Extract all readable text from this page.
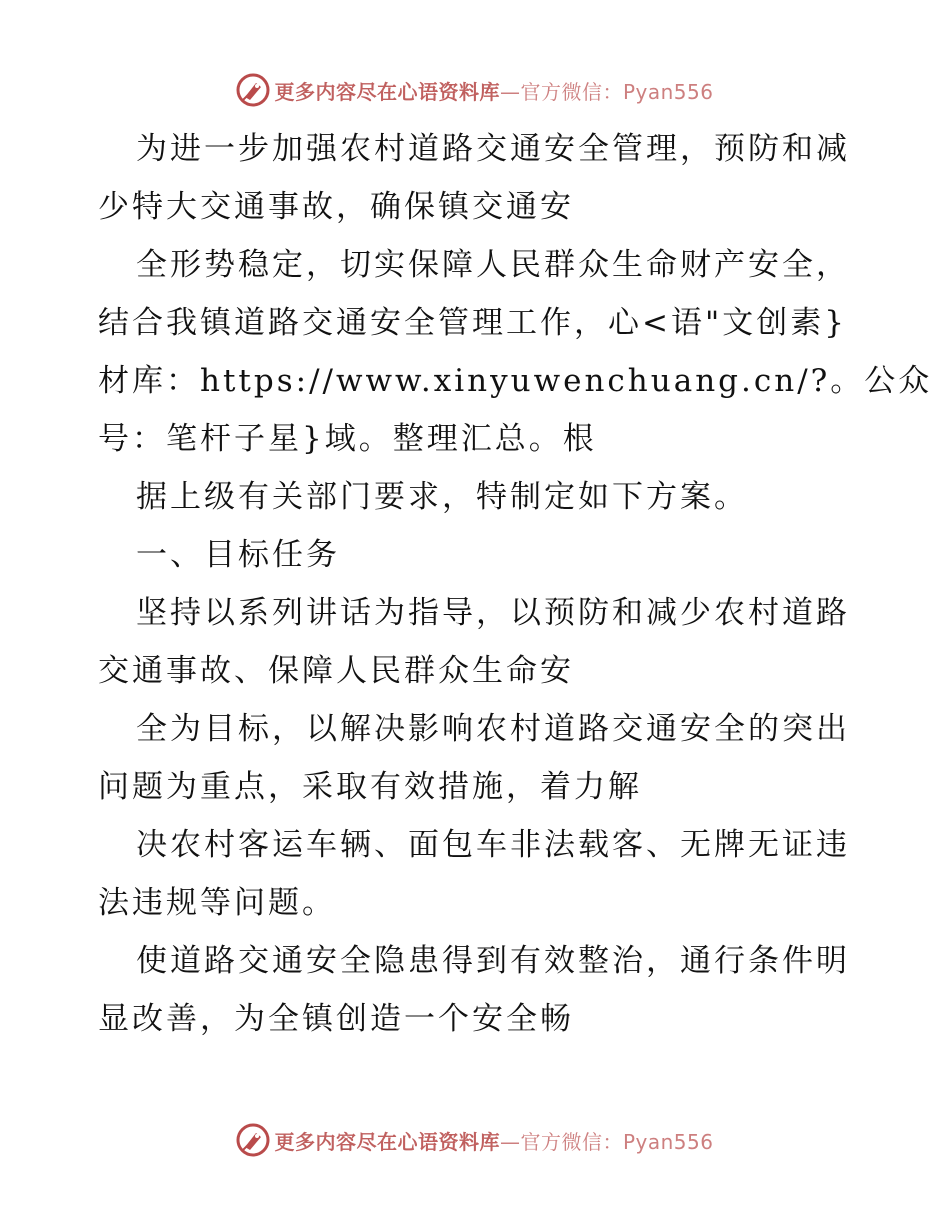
更多内容尽在心语资料库—官方微信：Pyan556
为进一步加强农村道路交通安全管理，预防和减
少特大交通事故，确保镇交通安
全形势稳定，切实保障人民群众生命财产安全，
结合我镇道路交通安全管理工作，心<语"文创素}
材库：https://www.xinyuwenchuang.cn/?。公众
号：笔杆子星}域。整理汇总。根
据上级有关部门要求，特制定如下方案。
一、目标任务
坚持以系列讲话为指导，以预防和减少农村道路
交通事故、保障人民群众生命安
全为目标，以解决影响农村道路交通安全的突出
问题为重点，采取有效措施，着力解
决农村客运车辆、面包车非法载客、无牌无证违
法违规等问题。
使道路交通安全隐患得到有效整治，通行条件明
显改善，为全镇创造一个安全畅
更多内容尽在心语资料库—官方微信：Pyan556
